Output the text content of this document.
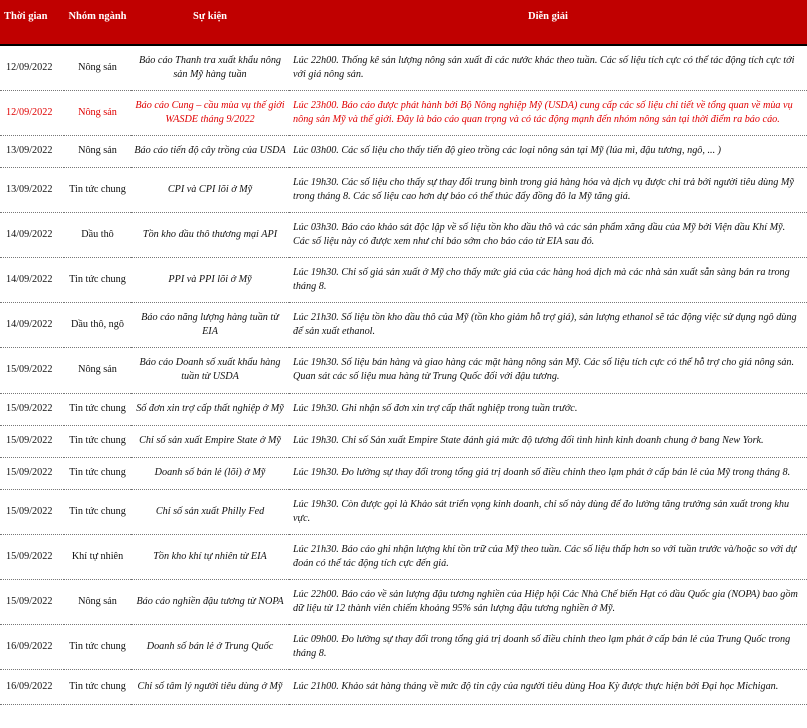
Thời gian	Nhóm ngành	Sự kiện	Diễn giải
12/09/2022	Nông sản	Báo cáo Thanh tra xuất khẩu nông sản Mỹ hàng tuần	Lúc 22h00. Thống kê sản lượng nông sản xuất đi các nước khác theo tuần. Các số liệu tích cực có thể tác động tích cực tới với giá nông sản.
12/09/2022	Nông sản	Báo cáo Cung – cầu mùa vụ thế giới WASDE tháng 9/2022	Lúc 23h00. Báo cáo được phát hành bởi Bộ Nông nghiệp Mỹ (USDA) cung cấp các số liệu chi tiết về tổng quan về mùa vụ nông sản Mỹ và thế giới. Đây là báo cáo quan trọng và có tác động mạnh đến nhóm nông sản tại thời điểm ra báo cáo.
13/09/2022	Nông sản	Báo cáo tiến độ cây trồng của USDA	Lúc 03h00. Các số liệu cho thấy tiến độ gieo trồng các loại nông sản tại Mỹ (lúa mì, đậu tương, ngô, ... )
13/09/2022	Tin tức chung	CPI và CPI lõi ở Mỹ	Lúc 19h30. Các số liệu cho thấy sự thay đổi trung bình trong giá hàng hóa và dịch vụ được chi trả bởi người tiêu dùng Mỹ trong tháng 8. Các số liệu cao hơn dự báo có thể thúc đẩy đồng đô la Mỹ tăng giá.
14/09/2022	Dầu thô	Tồn kho dầu thô thương mại API	Lúc 03h30. Báo cáo khảo sát độc lập về số liệu tồn kho dầu thô và các sản phẩm xăng dầu của Mỹ bởi Viện dầu Khí Mỹ. Các số liệu này có được xem như chỉ báo sớm cho báo cáo từ EIA sau đó.
14/09/2022	Tin tức chung	PPI và PPI lõi ở Mỹ	Lúc 19h30. Chỉ số giá sản xuất ở Mỹ cho thấy mức giá của các hàng hoá dịch mà các nhà sản xuất sẵn sàng bán ra trong tháng 8.
14/09/2022	Dầu thô, ngô	Báo cáo năng lượng hàng tuần từ EIA	Lúc 21h30. Số liệu tồn kho dầu thô của Mỹ (tồn kho giảm hỗ trợ giá), sản lượng ethanol sẽ tác động việc sử dụng ngô dùng để sản xuất ethanol.
15/09/2022	Nông sản	Báo cáo Doanh số xuất khẩu hàng tuần từ USDA	Lúc 19h30. Số liệu bán hàng và giao hàng các mặt hàng nông sản Mỹ. Các số liệu tích cực có thể hỗ trợ cho giá nông sản. Quan sát các số liệu mua hàng từ Trung Quốc đối với đậu tương.
15/09/2022	Tin tức chung	Số đơn xin trợ cấp thất nghiệp ở Mỹ	Lúc 19h30. Ghi nhận số đơn xin trợ cấp thất nghiệp trong tuần trước.
15/09/2022	Tin tức chung	Chỉ số sản xuất Empire State ở Mỹ	Lúc 19h30. Chỉ số Sản xuất Empire State đánh giá mức độ tương đối tình hình kinh doanh chung ở bang New York.
15/09/2022	Tin tức chung	Doanh số bán lẻ (lõi) ở Mỹ	Lúc 19h30. Đo lường sự thay đổi trong tổng giá trị doanh số điều chỉnh theo lạm phát ở cấp bán lẻ của Mỹ trong tháng 8.
15/09/2022	Tin tức chung	Chỉ số sản xuất Philly Fed	Lúc 19h30. Còn được gọi là Khảo sát triển vọng kinh doanh, chỉ số này dùng để đo lường tăng trưởng sản xuất trong khu vực.
15/09/2022	Khí tự nhiên	Tồn kho khí tự nhiên từ EIA	Lúc 21h30. Báo cáo ghi nhận lượng khí tồn trữ của Mỹ theo tuần. Các số liệu thấp hơn so với tuần trước và/hoặc so với dự đoán có thể tác động tích cực đến giá.
15/09/2022	Nông sản	Báo cáo nghiền đậu tương từ NOPA	Lúc 22h00. Báo cáo về sản lượng đậu tương nghiền của Hiệp hội Các Nhà Chế biến Hạt có dầu Quốc gia (NOPA) bao gồm dữ liệu từ 12 thành viên chiếm khoảng 95% sản lượng đậu tương nghiền ở Mỹ.
16/09/2022	Tin tức chung	Doanh số bán lẻ ở Trung Quốc	Lúc 09h00. Đo lường sự thay đổi trong tổng giá trị doanh số điều chỉnh theo lạm phát ở cấp bán lẻ của Trung Quốc trong tháng 8.
16/09/2022	Tin tức chung	Chỉ số tâm lý người tiêu dùng ở Mỹ	Lúc 21h00. Khảo sát hàng tháng về mức độ tin cậy của người tiêu dùng Hoa Kỳ được thực hiện bởi Đại học Michigan.
